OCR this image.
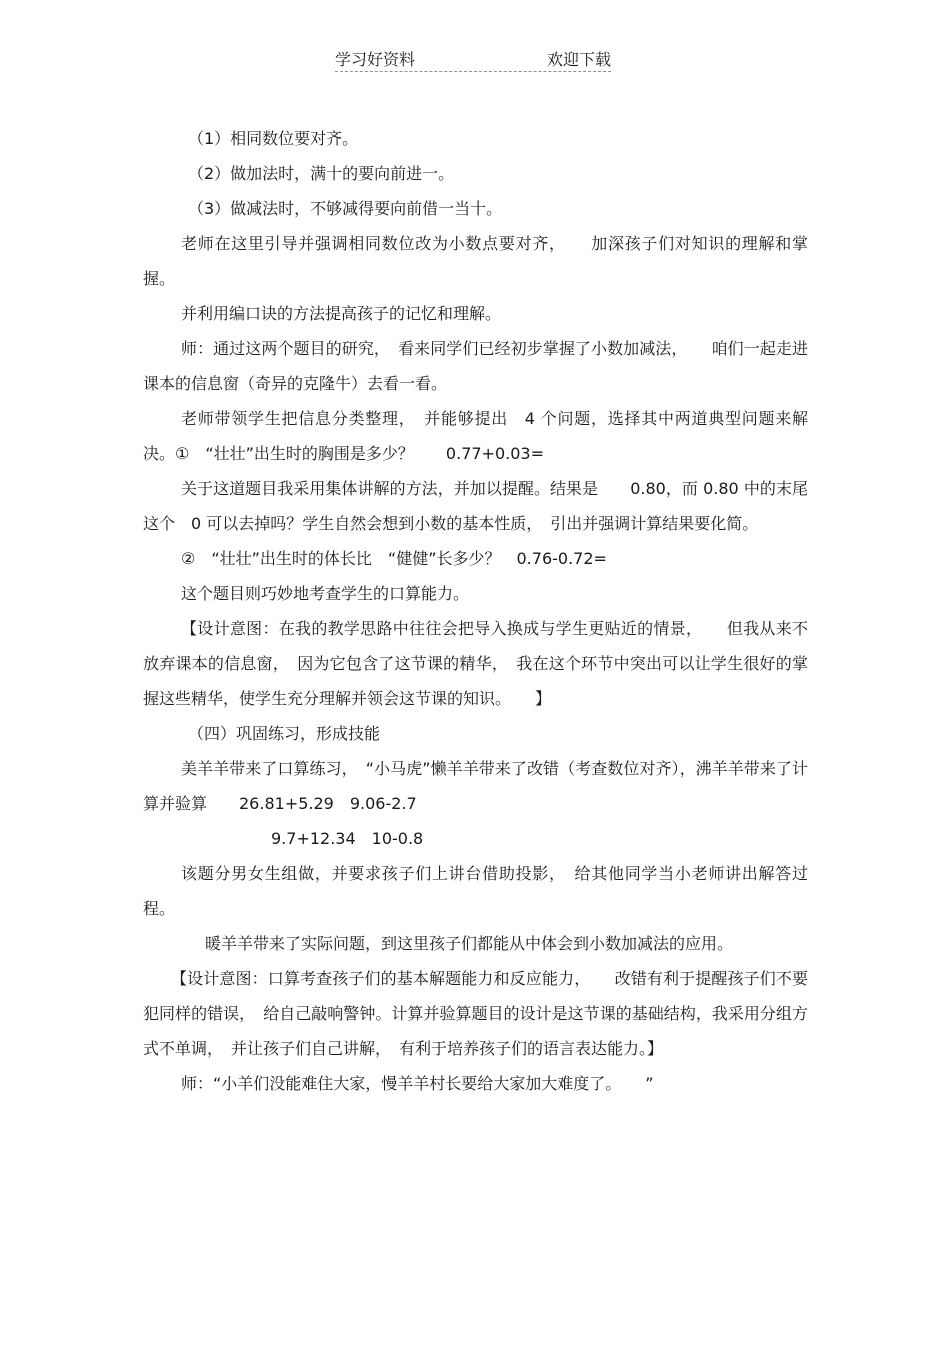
学习好资料	欢迎下载

（1）相同数位要对齐。

（2）做加法时，满十的要向前进一。

（3）做减法时，不够减得要向前借一当十。

老师在这里引导并强调相同数位改为小数点要对齐，　　加深孩子们对知识的理解和掌握。

并利用编口诀的方法提高孩子的记忆和理解。

师：通过这两个题目的研究，　看来同学们已经初步掌握了小数加减法，　　咱们一起走进课本的信息窗（奇异的克隆牛）去看一看。

老师带领学生把信息分类整理，　并能够提出　4 个问题，选择其中两道典型问题来解决。①　“壮壮”出生时的胸围是多少？　　0.77+0.03=

关于这道题目我采用集体讲解的方法，并加以提醒。结果是　　0.80，而 0.80 中的末尾这个　0 可以去掉吗？学生自然会想到小数的基本性质，　引出并强调计算结果要化简。

②　“壮壮”出生时的体长比　“健健”长多少？　0.76-0.72=

这个题目则巧妙地考查学生的口算能力。

【设计意图：在我的教学思路中往往会把导入换成与学生更贴近的情景，　　但我从来不放弃课本的信息窗，　因为它包含了这节课的精华，　我在这个环节中突出可以让学生很好的掌握这些精华，使学生充分理解并领会这节课的知识。　　】

（四）巩固练习，形成技能

美羊羊带来了口算练习，　“小马虎”懒羊羊带来了改错（考查数位对齐），沸羊羊带来了计算并验算　　26.81+5.29　9.06-2.7

9.7+12.34　10-0.8

该题分男女生组做，并要求孩子们上讲台借助投影，　给其他同学当小老师讲出解答过程。

暖羊羊带来了实际问题，到这里孩子们都能从中体会到小数加减法的应用。

【设计意图：口算考查孩子们的基本解题能力和反应能力，　　改错有利于提醒孩子们不要犯同样的错误，　给自己敲响警钟。计算并验算题目的设计是这节课的基础结构，我采用分组方式不单调，　并让孩子们自己讲解，　有利于培养孩子们的语言表达能力。】

师：“小羊们没能难住大家，慢羊羊村长要给大家加大难度了。　　”
